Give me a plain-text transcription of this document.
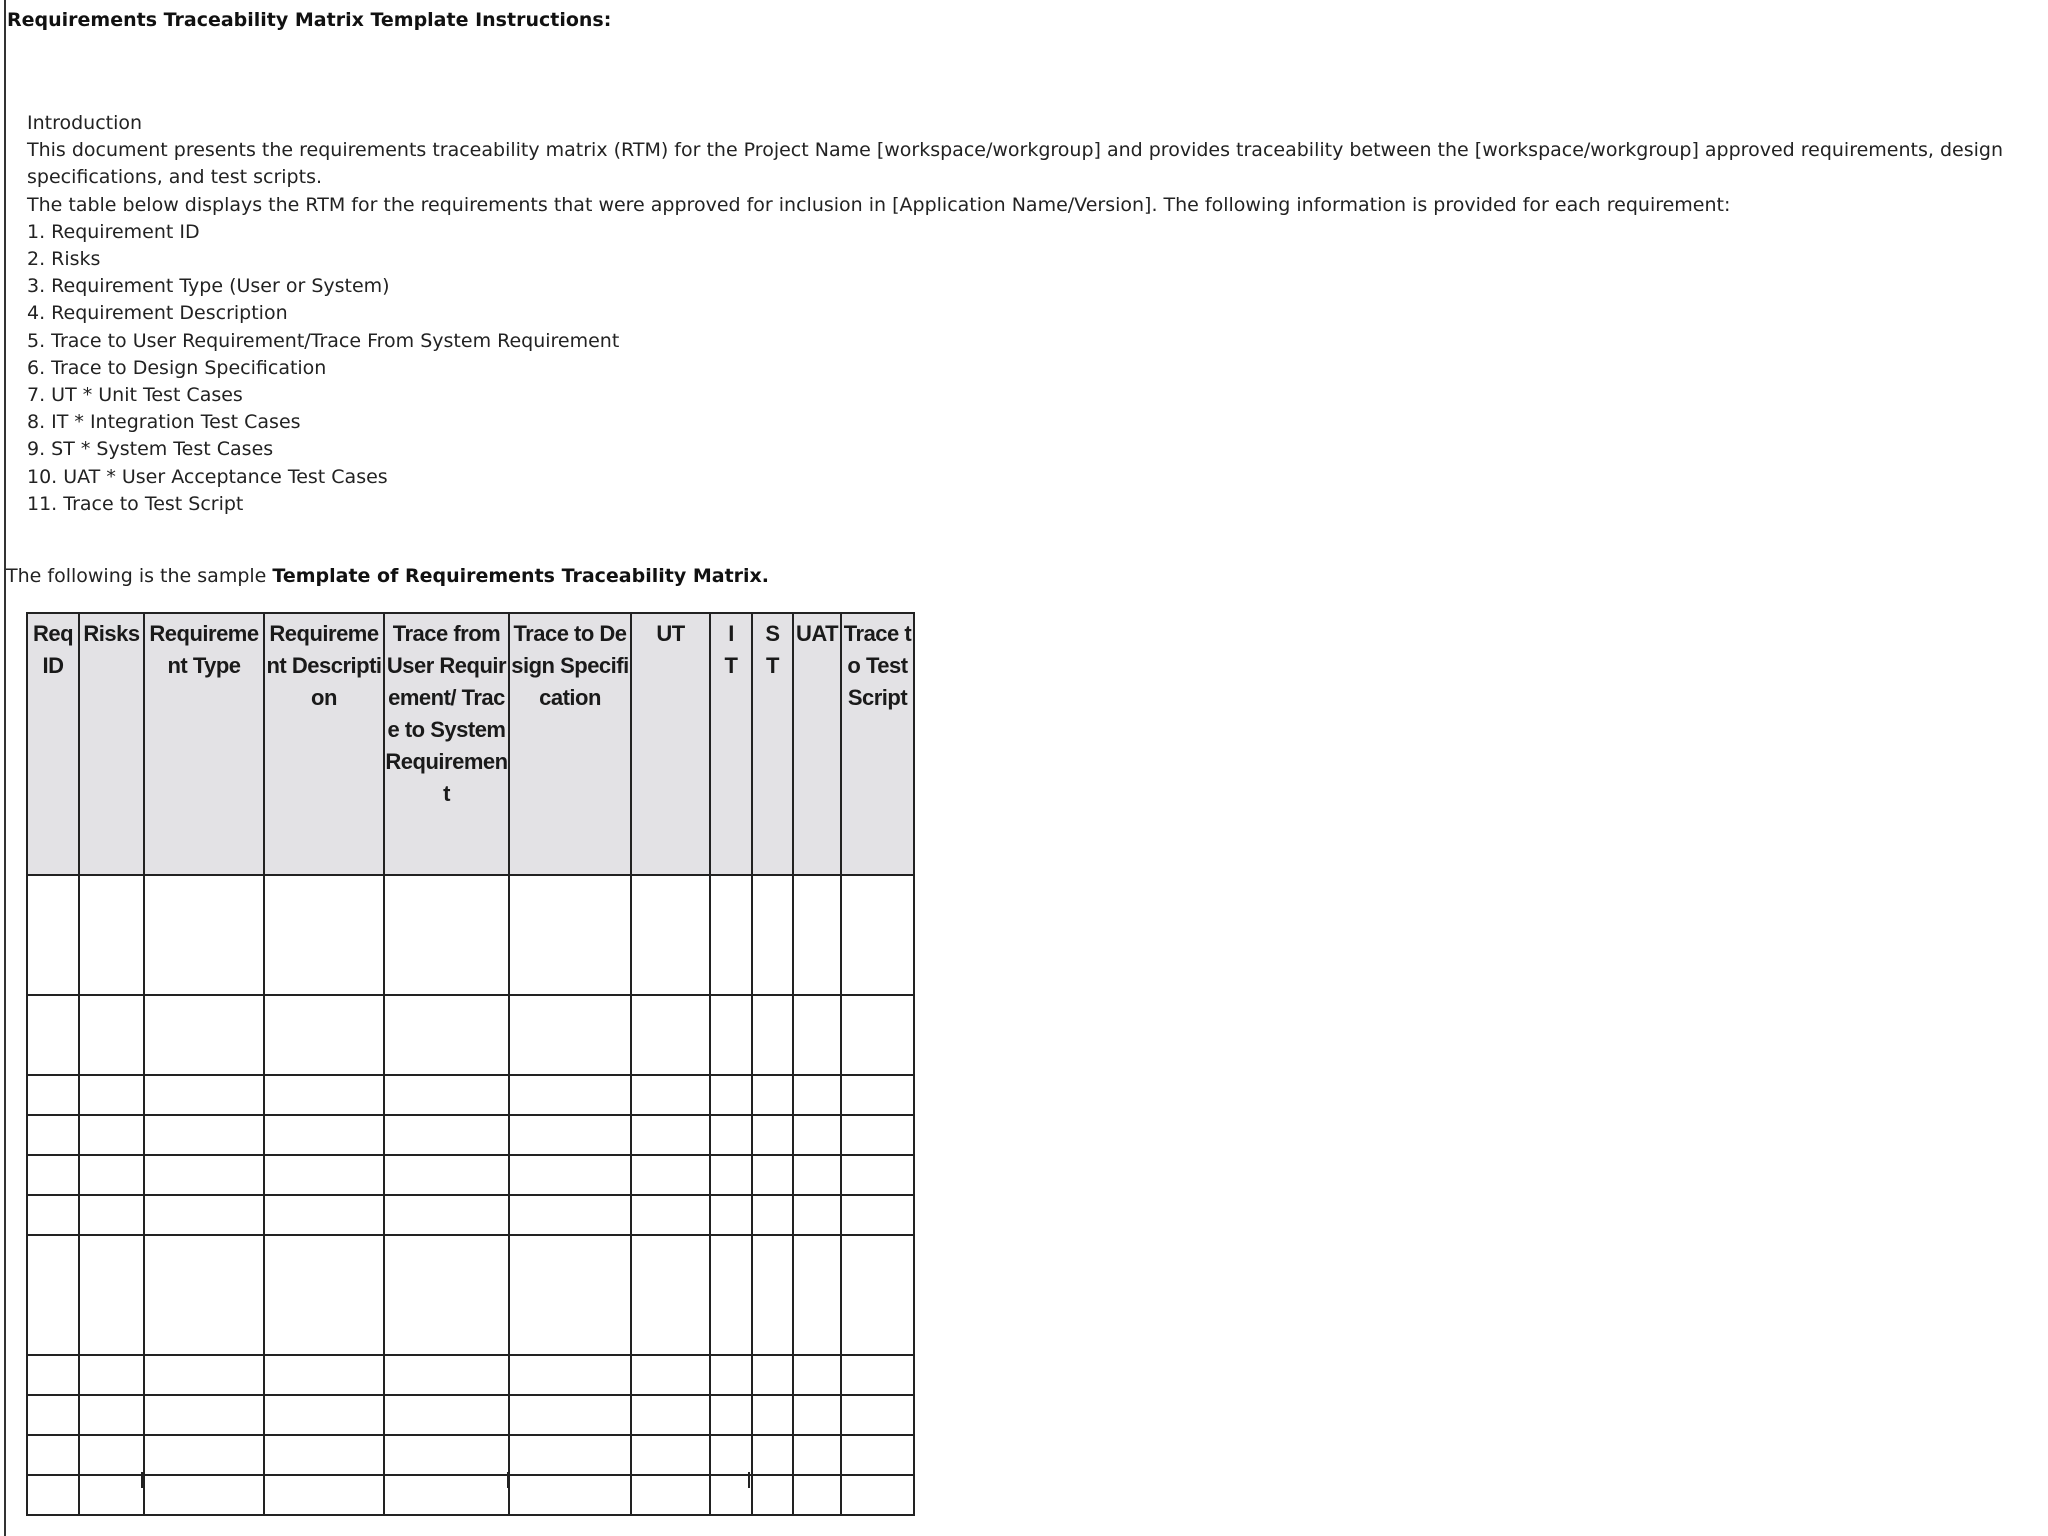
Requirements Traceability Matrix Template Instructions:
Introduction
This document presents the requirements traceability matrix (RTM) for the Project Name [workspace/workgroup] and provides traceability between the [workspace/workgroup] approved requirements, design specifications, and test scripts.
The table below displays the RTM for the requirements that were approved for inclusion in [Application Name/Version]. The following information is provided for each requirement:
1. Requirement ID
2. Risks
3. Requirement Type (User or System)
4. Requirement Description
5. Trace to User Requirement/Trace From System Requirement
6. Trace to Design Specification
7. UT * Unit Test Cases
8. IT * Integration Test Cases
9. ST * System Test Cases
10. UAT * User Acceptance Test Cases
11. Trace to Test Script
The following is the sample Template of Requirements Traceability Matrix.
Req ID	Risks	Requirement Type	Requirement Description	Trace from User Requirement/ Trace to System Requirement	Trace to Design Specification	UT	IT	ST	UAT	Trace to Test Script
